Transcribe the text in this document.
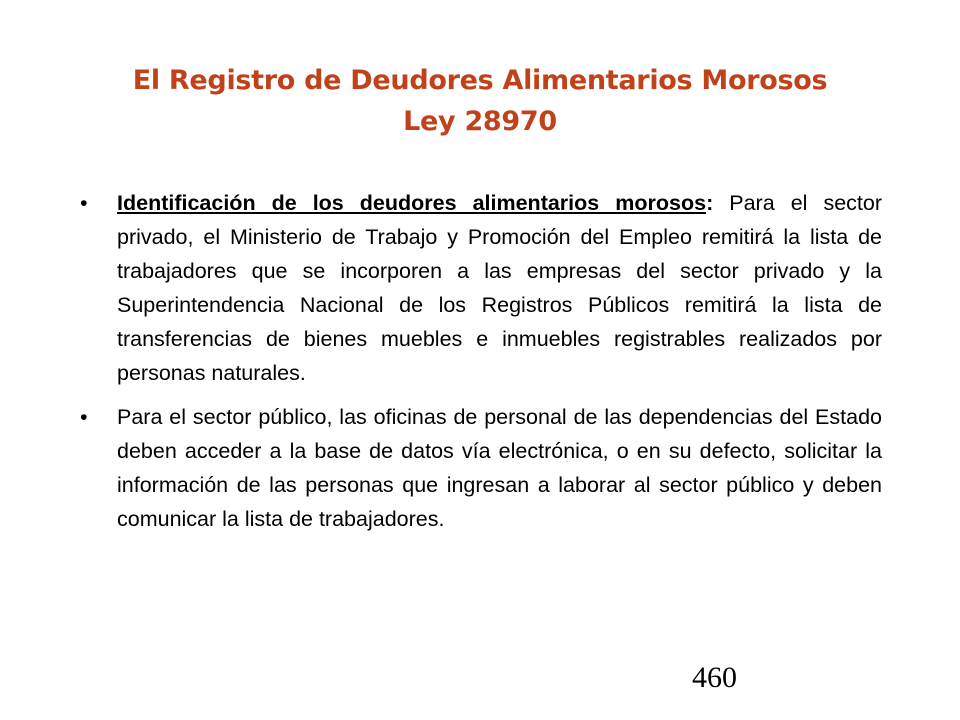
El Registro de Deudores Alimentarios Morosos
Ley 28970
•	Identificación de los deudores alimentarios morosos: Para el sector privado, el Ministerio de Trabajo y Promoción del Empleo remitirá la lista de trabajadores que se incorporen a las empresas del sector privado y la Superintendencia Nacional de los Registros Públicos remitirá la lista de transferencias de bienes muebles e inmuebles registrables realizados por personas naturales.
•	Para el sector público, las oficinas de personal de las dependencias del Estado deben acceder a la base de datos vía electrónica, o en su defecto, solicitar la información de las personas que ingresan a laborar al sector público y deben comunicar la lista de trabajadores.
460
